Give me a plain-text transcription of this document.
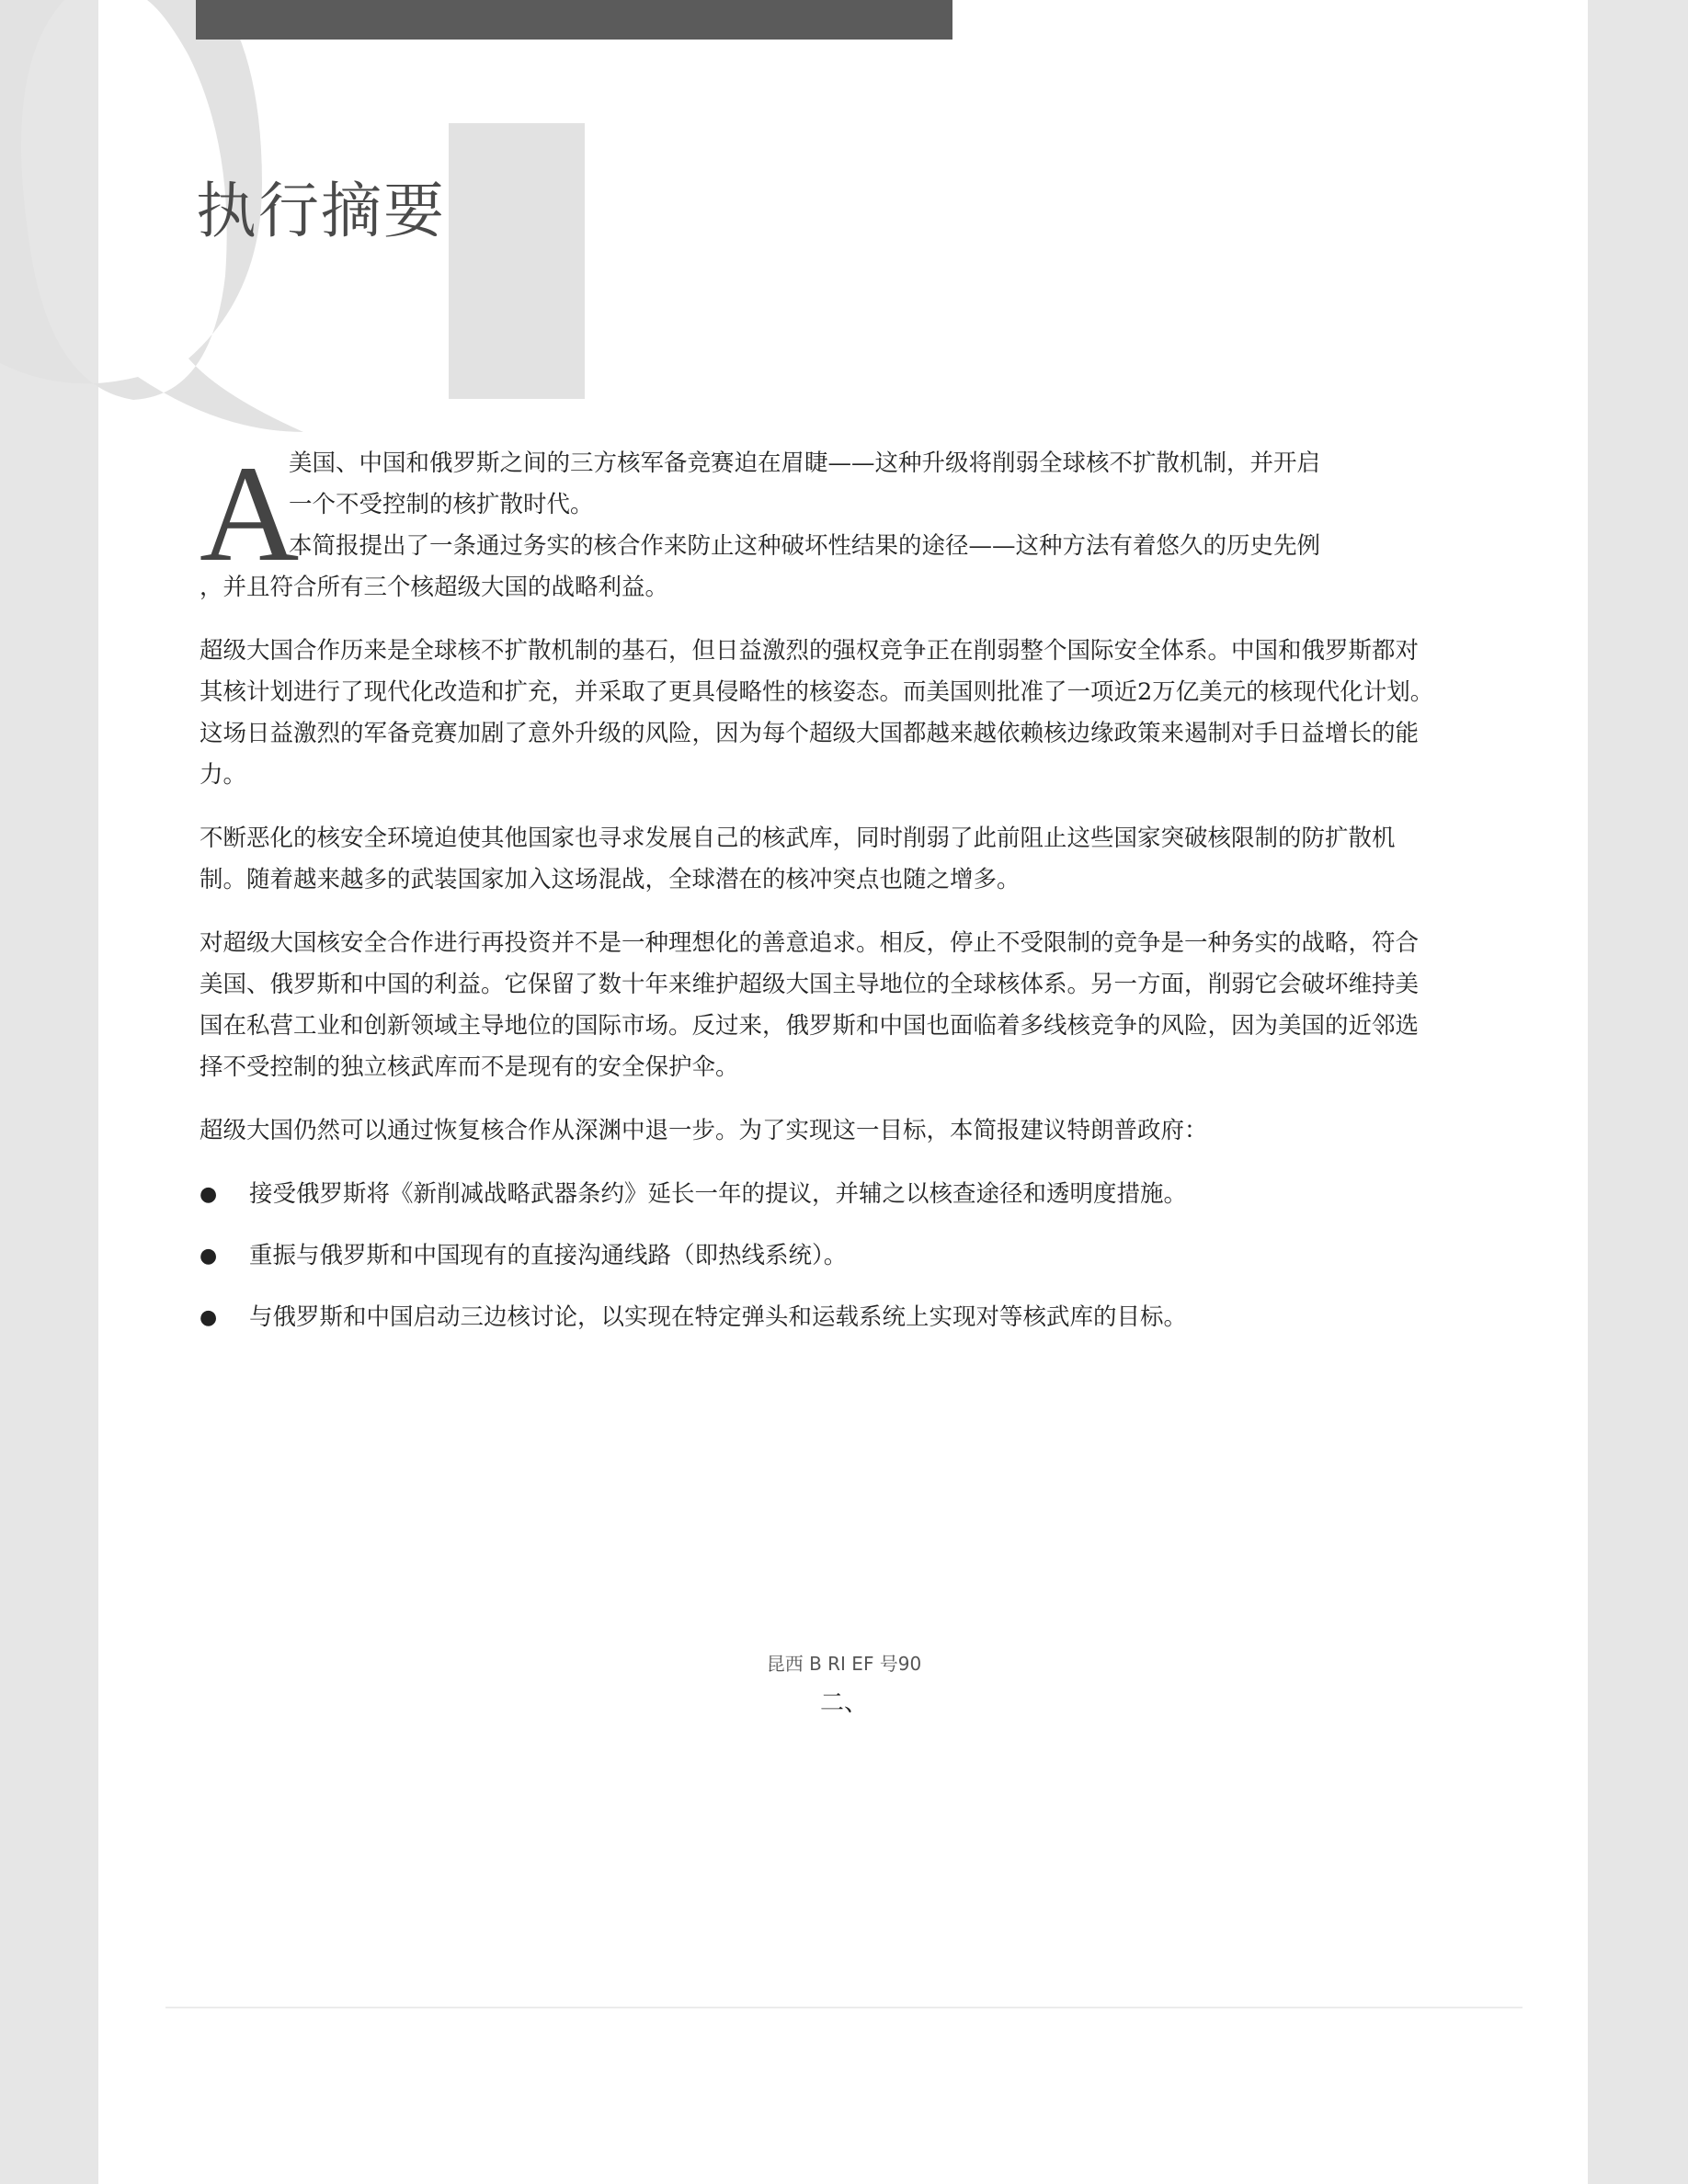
执行摘要
A

美国、中国和俄罗斯之间的三方核军备竞赛迫在眉睫——这种升级将削弱全球核不扩散机制，并开启

一个不受控制的核扩散时代。

本简报提出了一条通过务实的核合作来防止这种破坏性结果的途径——这种方法有着悠久的历史先例

，并且符合所有三个核超级大国的战略利益。

超级大国合作历来是全球核不扩散机制的基石，但日益激烈的强权竞争正在削弱整个国际安全体系。中国和俄罗斯都对其核计划进行了现代化改造和扩充，并采取了更具侵略性的核姿态。而美国则批准了一项近2万亿美元的核现代化计划。这场日益激烈的军备竞赛加剧了意外升级的风险，因为每个超级大国都越来越依赖核边缘政策来遏制对手日益增长的能力。

不断恶化的核安全环境迫使其他国家也寻求发展自己的核武库，同时削弱了此前阻止这些国家突破核限制的防扩散机制。随着越来越多的武装国家加入这场混战，全球潜在的核冲突点也随之增多。

对超级大国核安全合作进行再投资并不是一种理想化的善意追求。相反，停止不受限制的竞争是一种务实的战略，符合美国、俄罗斯和中国的利益。它保留了数十年来维护超级大国主导地位的全球核体系。另一方面，削弱它会破坏维持美国在私营工业和创新领域主导地位的国际市场。反过来，俄罗斯和中国也面临着多线核竞争的风险，因为美国的近邻选择不受控制的独立核武库而不是现有的安全保护伞。

超级大国仍然可以通过恢复核合作从深渊中退一步。为了实现这一目标，本简报建议特朗普政府：

● 接受俄罗斯将《新削减战略武器条约》延长一年的提议，并辅之以核查途径和透明度措施。
● 重振与俄罗斯和中国现有的直接沟通线路（即热线系统）。
● 与俄罗斯和中国启动三边核讨论，以实现在特定弹头和运载系统上实现对等核武库的目标。
昆西 B RI EF 号90
二、
